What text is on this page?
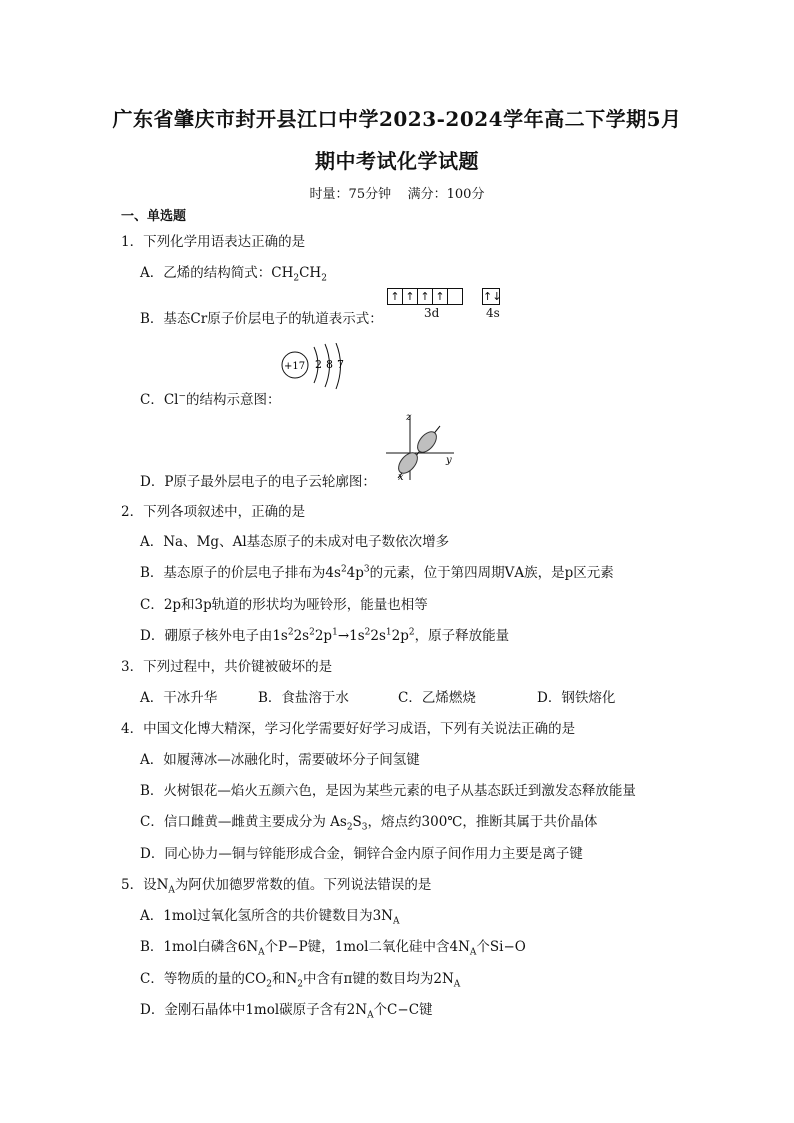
广东省肇庆市封开县江口中学2023-2024学年高二下学期5月
期中考试化学试题
时量：75分钟 满分：100分
一、单选题
1．下列化学用语表达正确的是
A．乙烯的结构简式：$CH_2CH_2$
B．基态Cr原子价层电子的轨道表示式：
↑ ↑ ↑ ↑	↑↓
3d	4s
+17 2 8 7
C．Cl−的结构示意图：
z
y
x
D．P原子最外层电子的电子云轮廓图：
2．下列各项叙述中，正确的是
A．Na、Mg、Al基态原子的未成对电子数依次增多
B．基态原子的价层电子排布为$4s^24p^3$的元素，位于第四周期ⅤA族，是p区元素
C．2p和3p轨道的形状均为哑铃形，能量也相等
D．硼原子核外电子由$1s^22s^22p^1\to 1s^22s^12p^2$，原子释放能量
3．下列过程中，共价键被破坏的是
A．干冰升华	B．食盐溶于水	C．乙烯燃烧	D．钢铁熔化
4．中国文化博大精深，学习化学需要好好学习成语，下列有关说法正确的是
A．如履薄冰—冰融化时，需要破坏分子间氢键
B．火树银花—焰火五颜六色，是因为某些元素的电子从基态跃迁到激发态释放能量
C．信口雌黄—雌黄主要成分为 $As_2S_3$，熔点约300℃，推断其属于共价晶体
D．同心协力—铜与锌能形成合金，铜锌合金内原子间作用力主要是离子键
5．设$N_A$为阿伏加德罗常数的值。下列说法错误的是
A．1mol过氧化氢所含的共价键数目为$3N_A$
B．1mol白磷含$6N_A$个P−P键，1mol二氧化硅中含$4N_A$个Si−O
C．等物质的量的$CO_2$和$N_2$中含有π键的数目均为$2N_A$
D．金刚石晶体中1mol碳原子含有$2N_A$个C−C键
